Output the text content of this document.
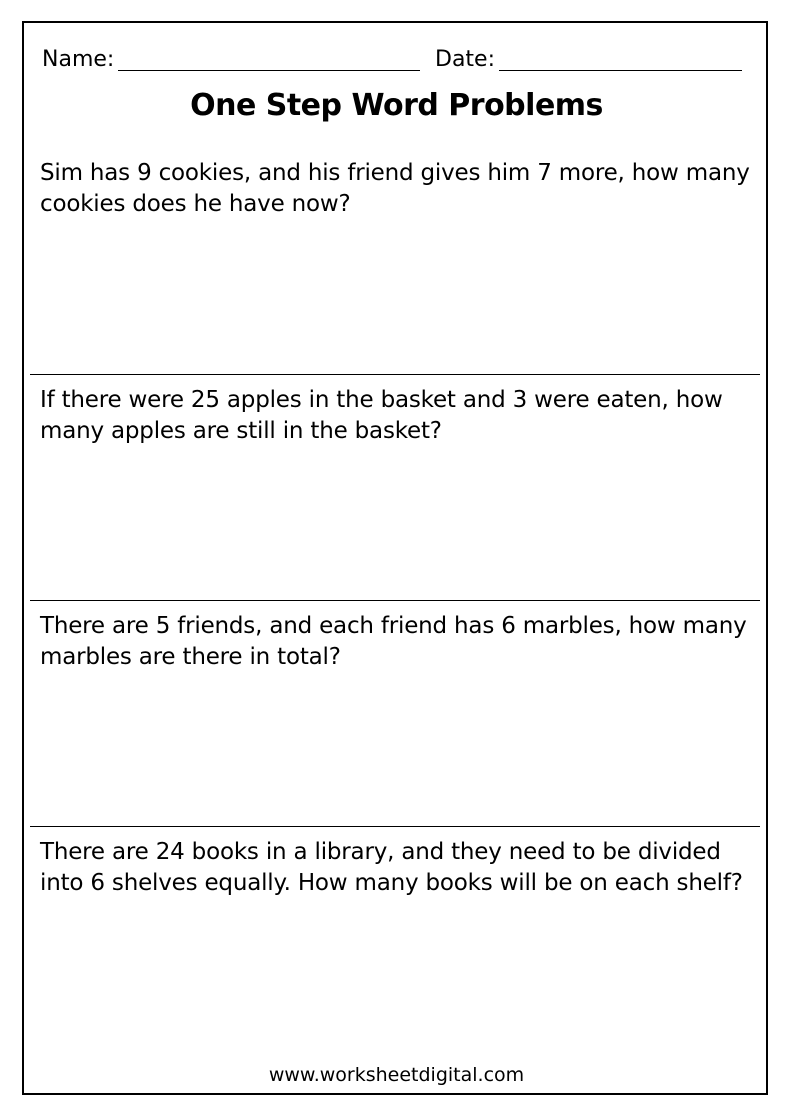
Name:	Date:
One Step Word Problems
Sim has 9 cookies, and his friend gives him 7 more, how many cookies does he have now?
If there were 25 apples in the basket and 3 were eaten, how many apples are still in the basket?
There are 5 friends, and each friend has 6 marbles, how many marbles are there in total?
There are 24 books in a library, and they need to be divided into 6 shelves equally. How many books will be on each shelf?
www.worksheetdigital.com
